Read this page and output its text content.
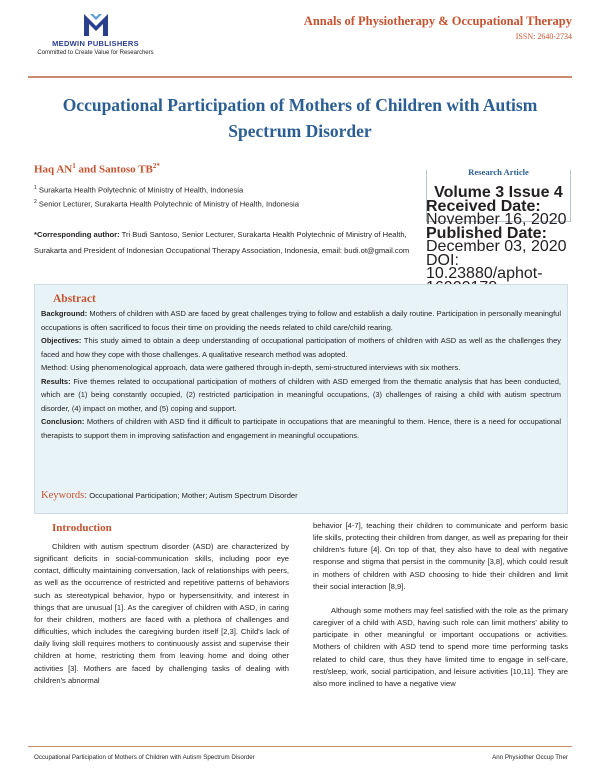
MEDWIN PUBLISHERS
Committed to Create Value for Researchers
Annals of Physiotherapy & Occupational Therapy
ISSN: 2640-2734
Occupational Participation of Mothers of Children with Autism Spectrum Disorder
Haq $AN^1$ and Santoso $TB^{2*}$
$^1$ Surakarta Health Polytechnic of Ministry of Health, Indonesia
$^2$ Senior Lecturer, Surakarta Health Polytechnic of Ministry of Health, Indonesia
*Corresponding author: Tri Budi Santoso, Senior Lecturer, Surakarta Health Polytechnic of Ministry of Health, Surakarta and President of Indonesian Occupational Therapy Association, Indonesia, email: budi.ot@gmail.com
Research Article
Volume 3 Issue 4
Received Date: November 16, 2020
Published Date: December 03, 2020
DOI: 10.23880/aphot-
Abstract

Background: Mothers of children with ASD are faced by great challenges trying to follow and establish a daily routine. Participation in personally meaningful occupations is often sacrificed to focus their time on providing the needs related to child care/child rearing.

Objectives: This study aimed to obtain a deep understanding of occupational participation of mothers of children with ASD as well as the challenges they faced and how they cope with those challenges. A qualitative research method was adopted.

Method: Using phenomenological approach, data were gathered through in-depth, semi-structured interviews with six mothers.

Results: Five themes related to occupational participation of mothers of children with ASD emerged from the thematic analysis that has been conducted, which are (1) being constantly occupied, (2) restricted participation in meaningful occupations, (3) challenges of raising a child with autism spectrum disorder, (4) impact on mother, and (5) coping and support.

Conclusion: Mothers of children with ASD find it difficult to participate in occupations that are meaningful to them. Hence, there is a need for occupational therapists to support them in improving satisfaction and engagement in meaningful occupations.

Keywords: Occupational Participation; Mother; Autism Spectrum Disorder
Introduction

Children with autism spectrum disorder (ASD) are characterized by significant deficits in social-communication skills, including poor eye contact, difficulty maintaining conversation, lack of relationships with peers, as well as the occurrence of restricted and repetitive patterns of behaviors such as stereotypical behavior, hypo or hypersensitivity, and interest in things that are unusual [1]. As the caregiver of children with ASD, in caring for their children, mothers are faced with a plethora of challenges and difficulties, which includes the caregiving burden itself [2,3]. Child's lack of daily living skill requires mothers to continuously assist and supervise their children at home, restricting them from leaving home and doing other activities [3]. Mothers are faced by challenging tasks of dealing with children's abnormal

behavior [4-7], teaching their children to communicate and perform basic life skills, protecting their children from danger, as well as preparing for their children's future [4]. On top of that, they also have to deal with negative response and stigma that persist in the community [3,8], which could result in mothers of children with ASD choosing to hide their children and limit their social interaction [8,9].

Although some mothers may feel satisfied with the role as the primary caregiver of a child with ASD, having such role can limit mothers' ability to participate in other meaningful or important occupations or activities. Mothers of children with ASD tend to spend more time performing tasks related to child care, thus they have limited time to engage in self-care, rest/sleep, work, social participation, and leisure activities [10,11]. They are also more inclined to have a negative view

Occupational Participation of Mothers of Children with Autism Spectrum Disorder	Ann Physiother Occup Ther
